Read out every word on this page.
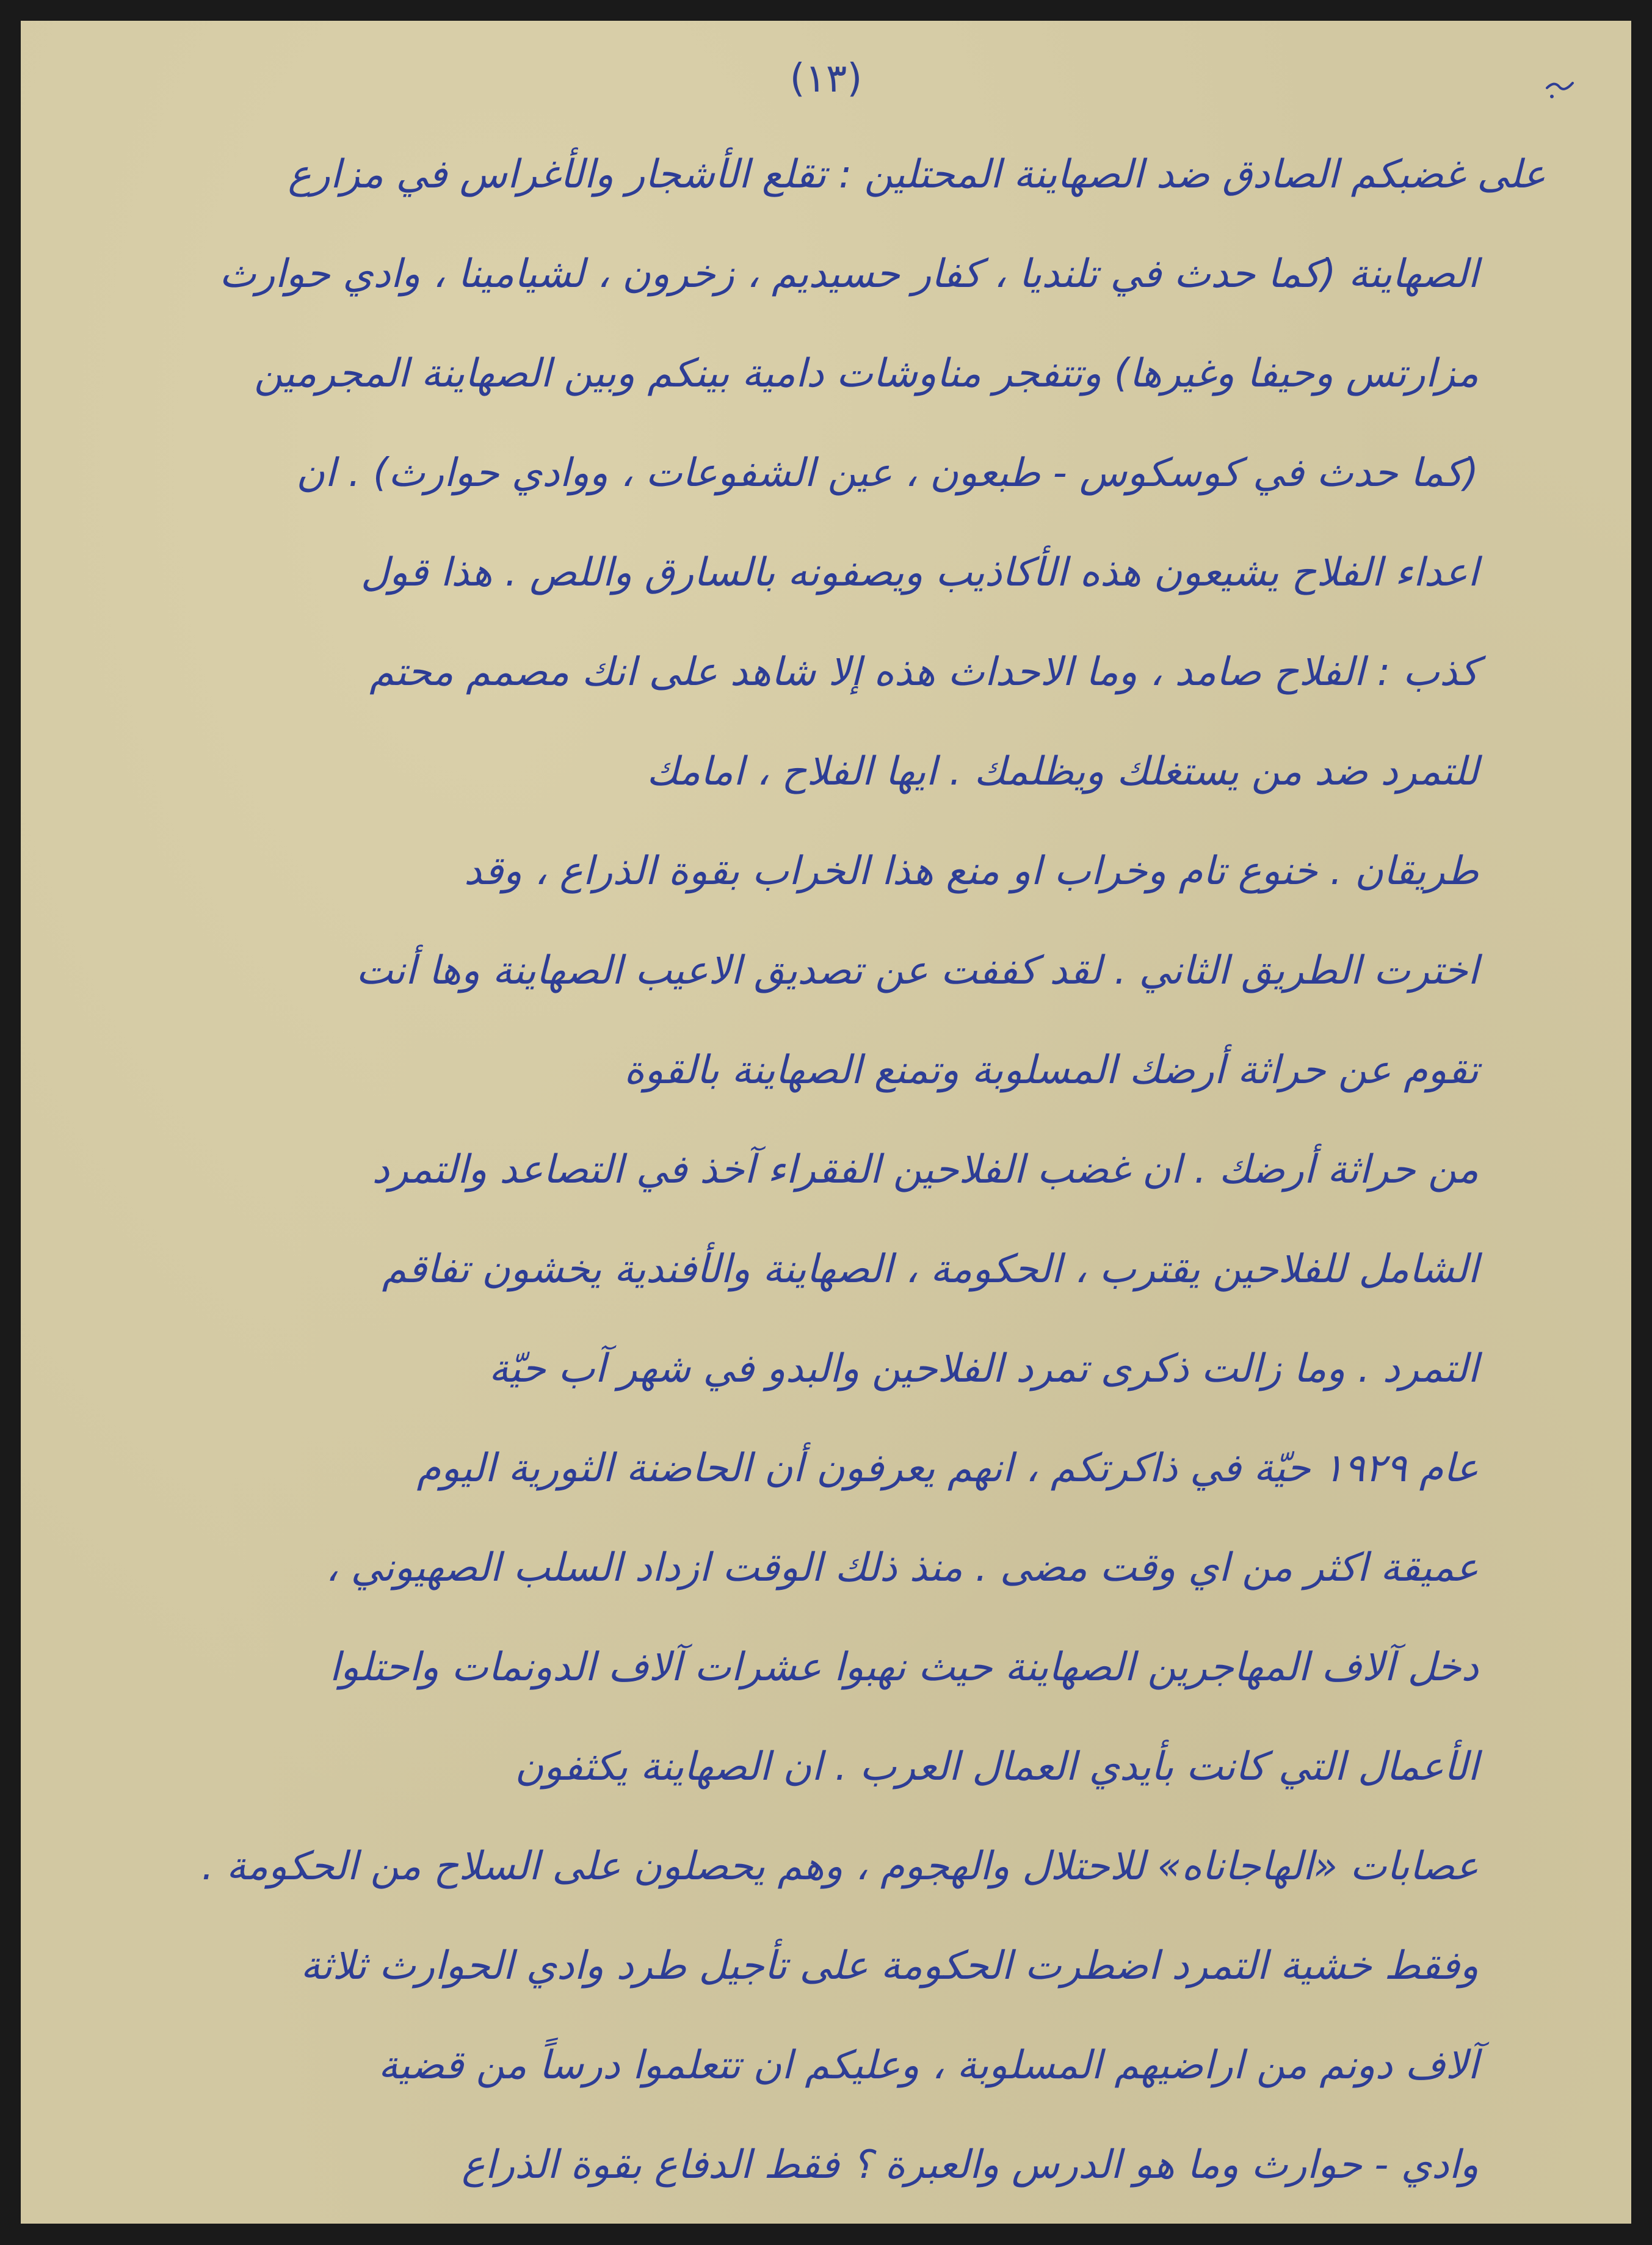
(١٣)
على غضبكم الصادق ضد الصهاينة المحتلين : تقلع الأشجار والأغراس في مزارع
الصهاينة (كما حدث في تلنديا ، كفار حسيديم ، زخرون ، لشيامينا ، وادي حوارث
مزارتس وحيفا وغيرها) وتتفجر مناوشات دامية بينكم وبين الصهاينة المجرمين
(كما حدث في كوسكوس - طبعون ، عين الشفوعات ، ووادي حوارث) . ان
اعداء الفلاح يشيعون هذه الأكاذيب ويصفونه بالسارق واللص . هذا قول
كذب : الفلاح صامد ، وما الاحداث هذه إلا شاهد على انك مصمم محتم
للتمرد ضد من يستغلك ويظلمك . ايها الفلاح ، امامك
طريقان . خنوع تام وخراب او منع هذا الخراب بقوة الذراع ، وقد
اخترت الطريق الثاني . لقد كففت عن تصديق الاعيب الصهاينة وها أنت
تقوم عن حراثة أرضك المسلوبة وتمنع الصهاينة بالقوة
من حراثة أرضك . ان غضب الفلاحين الفقراء آخذ في التصاعد والتمرد
الشامل للفلاحين يقترب ، الحكومة ، الصهاينة والأفندية يخشون تفاقم
التمرد . وما زالت ذكرى تمرد الفلاحين والبدو في شهر آب حيّة
عام ١٩٢٩ حيّة في ذاكرتكم ، انهم يعرفون أن الحاضنة الثورية اليوم
عميقة اكثر من اي وقت مضى . منذ ذلك الوقت ازداد السلب الصهيوني ،
دخل آلاف المهاجرين الصهاينة حيث نهبوا عشرات آلاف الدونمات واحتلوا
الأعمال التي كانت بأيدي العمال العرب . ان الصهاينة يكثفون
عصابات «الهاجاناه» للاحتلال والهجوم ، وهم يحصلون على السلاح من الحكومة .
وفقط خشية التمرد اضطرت الحكومة على تأجيل طرد وادي الحوارث ثلاثة
آلاف دونم من اراضيهم المسلوبة ، وعليكم ان تتعلموا درساً من قضية
وادي - حوارث وما هو الدرس والعبرة ؟ فقط الدفاع بقوة الذراع
